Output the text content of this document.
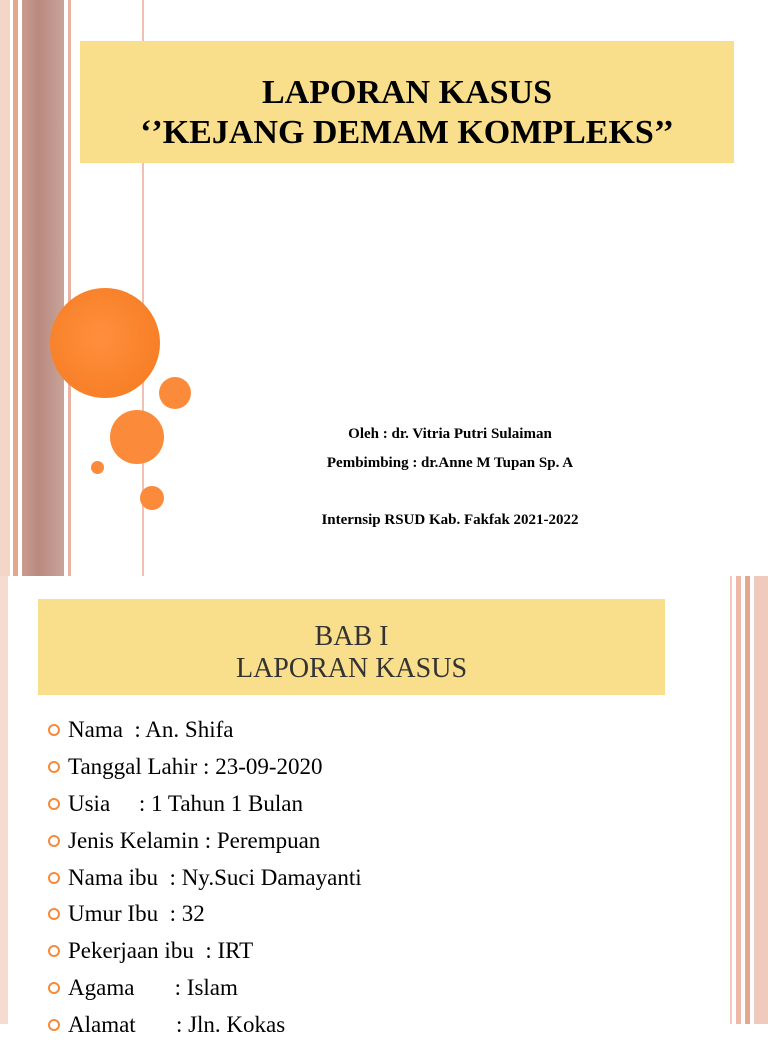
LAPORAN KASUS
‘’KEJANG DEMAM KOMPLEKS’’
Oleh : dr. Vitria Putri Sulaiman
Pembimbing : dr.Anne M Tupan Sp. A
Internsip RSUD Kab. Fakfak 2021-2022
BAB I
LAPORAN KASUS
Nama  : An. Shifa
Tanggal Lahir : 23-09-2020
Usia     : 1 Tahun 1 Bulan
Jenis Kelamin : Perempuan
Nama ibu  : Ny.Suci Damayanti
Umur Ibu  : 32
Pekerjaan ibu  : IRT
Agama       : Islam
Alamat       : Jln. Kokas
